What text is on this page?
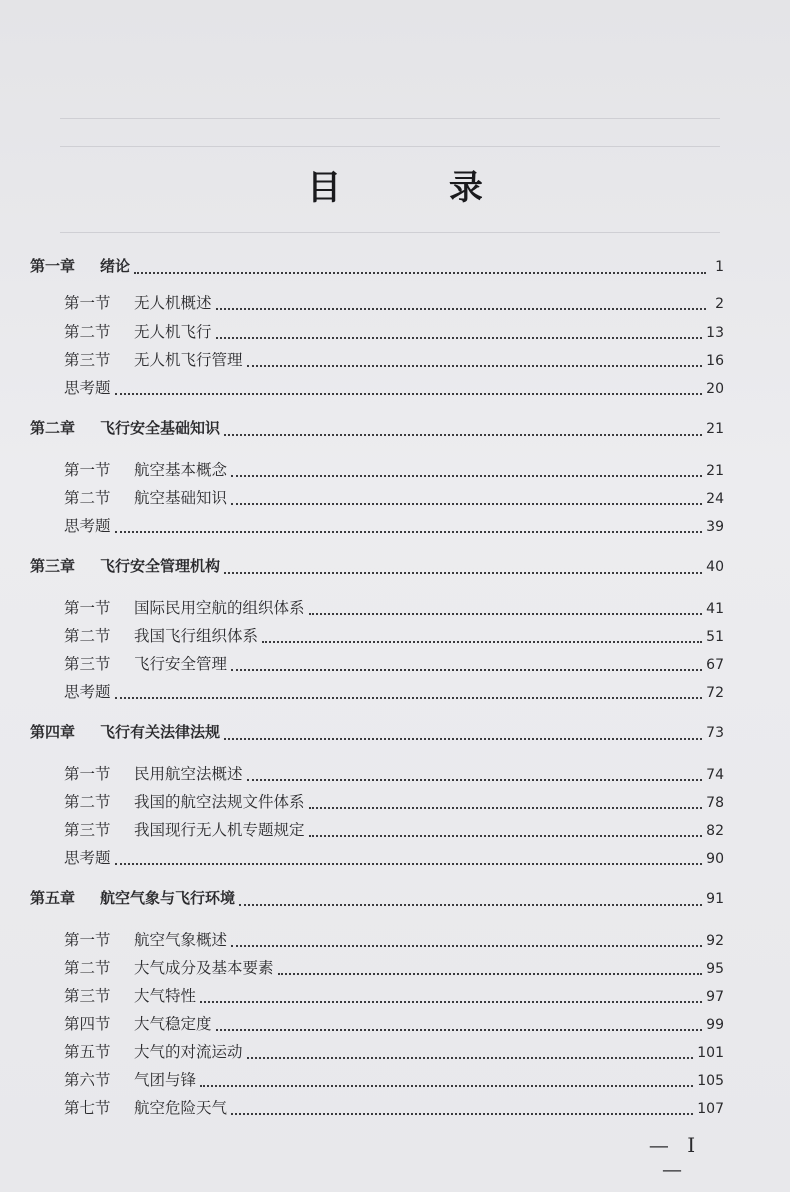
目 录
第一章	绪论	1
第一节	无人机概述	2
第二节	无人机飞行	13
第三节	无人机飞行管理	16
思考题	20
第二章	飞行安全基础知识	21
第一节	航空基本概念	21
第二节	航空基础知识	24
思考题	39
第三章	飞行安全管理机构	40
第一节	国际民用空航的组织体系	41
第二节	我国飞行组织体系	51
第三节	飞行安全管理	67
思考题	72
第四章	飞行有关法律法规	73
第一节	民用航空法概述	74
第二节	我国的航空法规文件体系	78
第三节	我国现行无人机专题规定	82
思考题	90
第五章	航空气象与飞行环境	91
第一节	航空气象概述	92
第二节	大气成分及基本要素	95
第三节	大气特性	97
第四节	大气稳定度	99
第五节	大气的对流运动	101
第六节	气团与锋	105
第七节	航空危险天气	107
— I —
